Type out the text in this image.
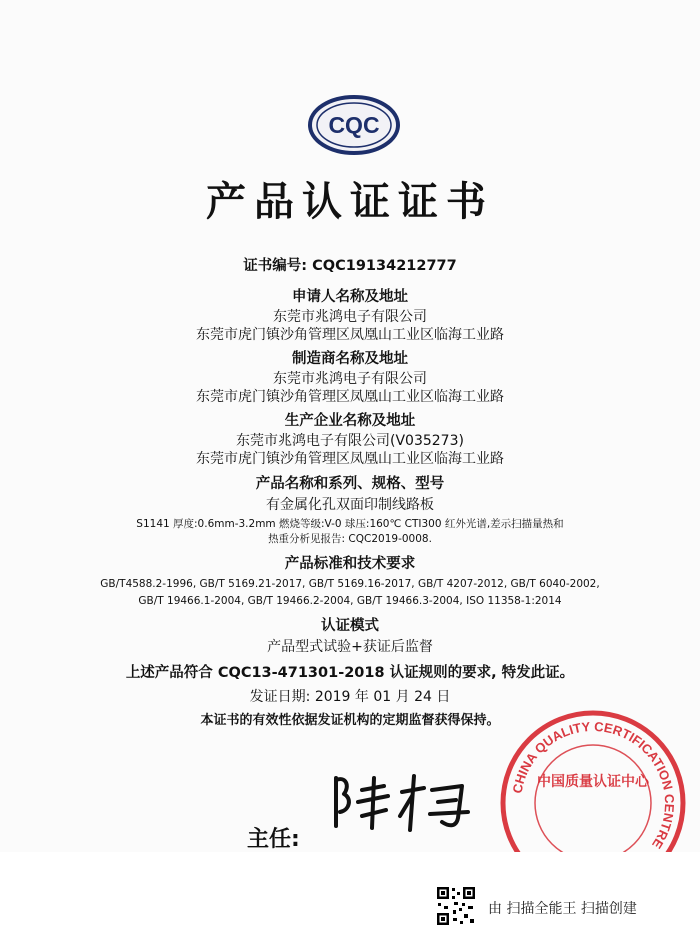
CQC
产品认证证书
证书编号: CQC19134212777
申请人名称及地址
东莞市兆鸿电子有限公司
东莞市虎门镇沙角管理区凤凰山工业区临海工业路
制造商名称及地址
东莞市兆鸿电子有限公司
东莞市虎门镇沙角管理区凤凰山工业区临海工业路
生产企业名称及地址
东莞市兆鸿电子有限公司(V035273)
东莞市虎门镇沙角管理区凤凰山工业区临海工业路
产品名称和系列、规格、型号
有金属化孔双面印制线路板
S1141 厚度:0.6mm-3.2mm 燃烧等级:V-0 球压:160℃ CTI300 红外光谱,差示扫描量热和
热重分析见报告: CQC2019-0008.
产品标准和技术要求
GB/T4588.2-1996, GB/T 5169.21-2017, GB/T 5169.16-2017, GB/T 4207-2012, GB/T 6040-2002,
GB/T 19466.1-2004, GB/T 19466.2-2004, GB/T 19466.3-2004, ISO 11358-1:2014
认证模式
产品型式试验+获证后监督
上述产品符合 CQC13-471301-2018 认证规则的要求, 特发此证。
发证日期: 2019 年 01 月 24 日
本证书的有效性依据发证机构的定期监督获得保持。
CHINA QUALITY CERTIFICATION CENTRE
中国质量认证中心
主任:
由 扫描全能王 扫描创建
